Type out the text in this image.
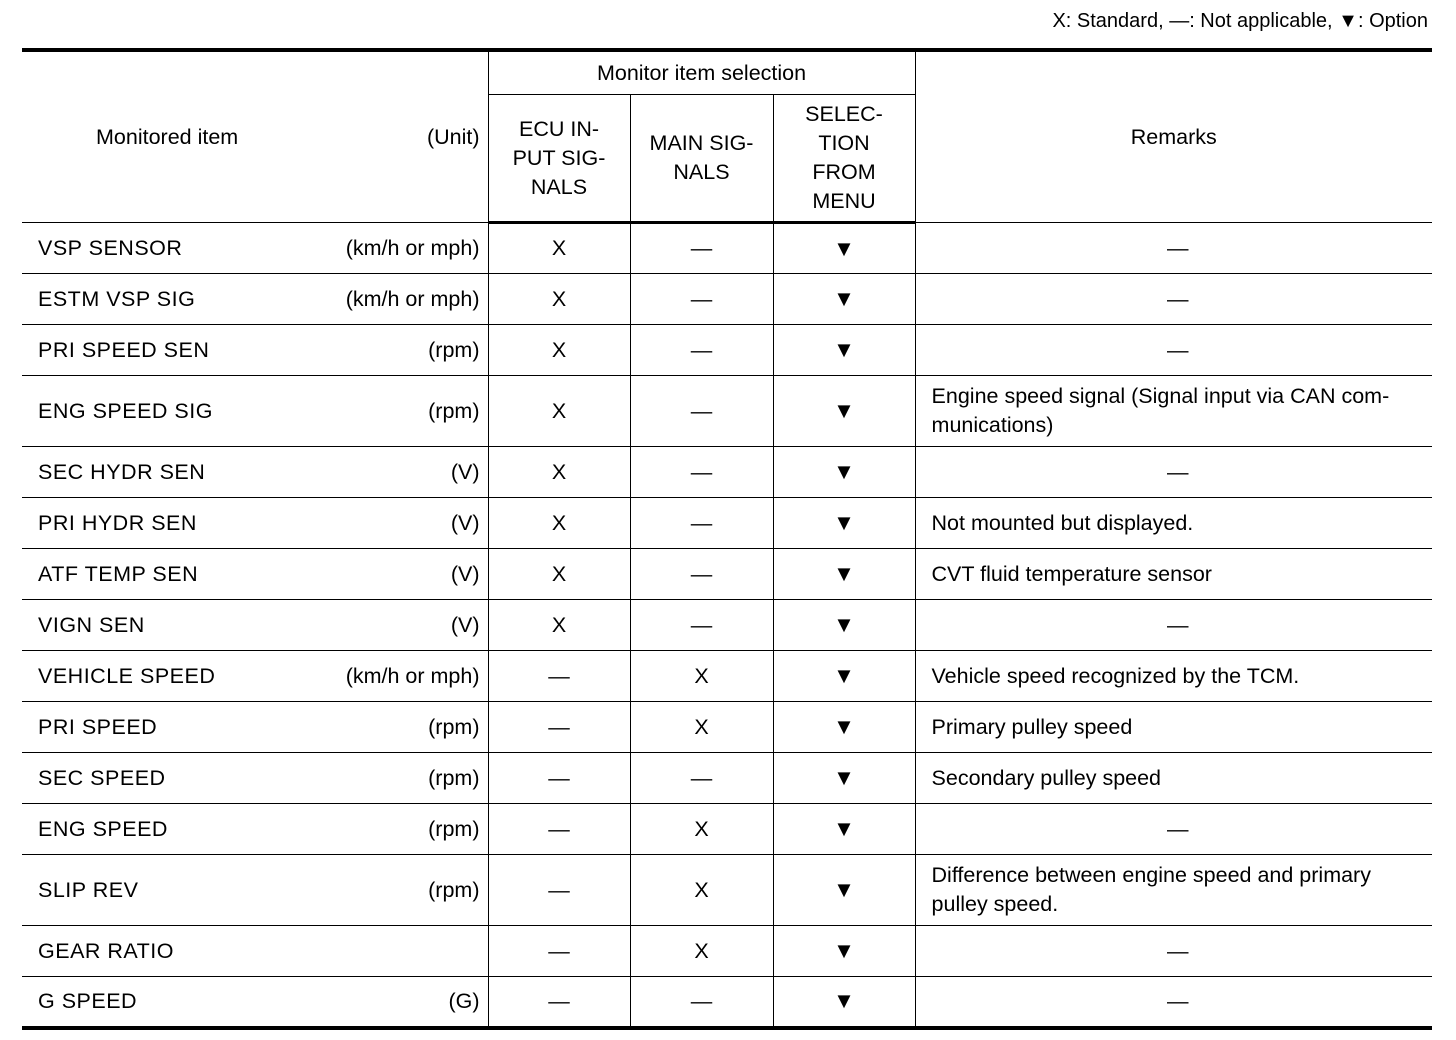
X: Standard, —: Not applicable, ▼: Option
Monitored item (Unit)	Monitor item selection			Remarks
	ECU IN-
PUT SIG-
NALS	MAIN SIG-
NALS	SELEC-
TION
FROM
MENU	

VSP SENSOR (km/h or mph)	X	—	▼	—

ESTM VSP SIG (km/h or mph)	X	—	▼	—

PRI SPEED SEN (rpm)	X	—	▼	—

ENG SPEED SIG (rpm)	X	—	▼	Engine speed signal (Signal input via CAN com-munications)

SEC HYDR SEN (V)	X	—	▼	—

PRI HYDR SEN (V)	X	—	▼	Not mounted but displayed.

ATF TEMP SEN (V)	X	—	▼	CVT fluid temperature sensor

VIGN SEN (V)	X	—	▼	—

VEHICLE SPEED (km/h or mph)	—	X	▼	Vehicle speed recognized by the TCM.

PRI SPEED (rpm)	—	X	▼	Primary pulley speed

SEC SPEED (rpm)	—	—	▼	Secondary pulley speed

ENG SPEED (rpm)	—	X	▼	—

SLIP REV (rpm)	—	X	▼	Difference between engine speed and primary pulley speed.

GEAR RATIO	—	X	▼	—

G SPEED (G)	—	—	▼	—
